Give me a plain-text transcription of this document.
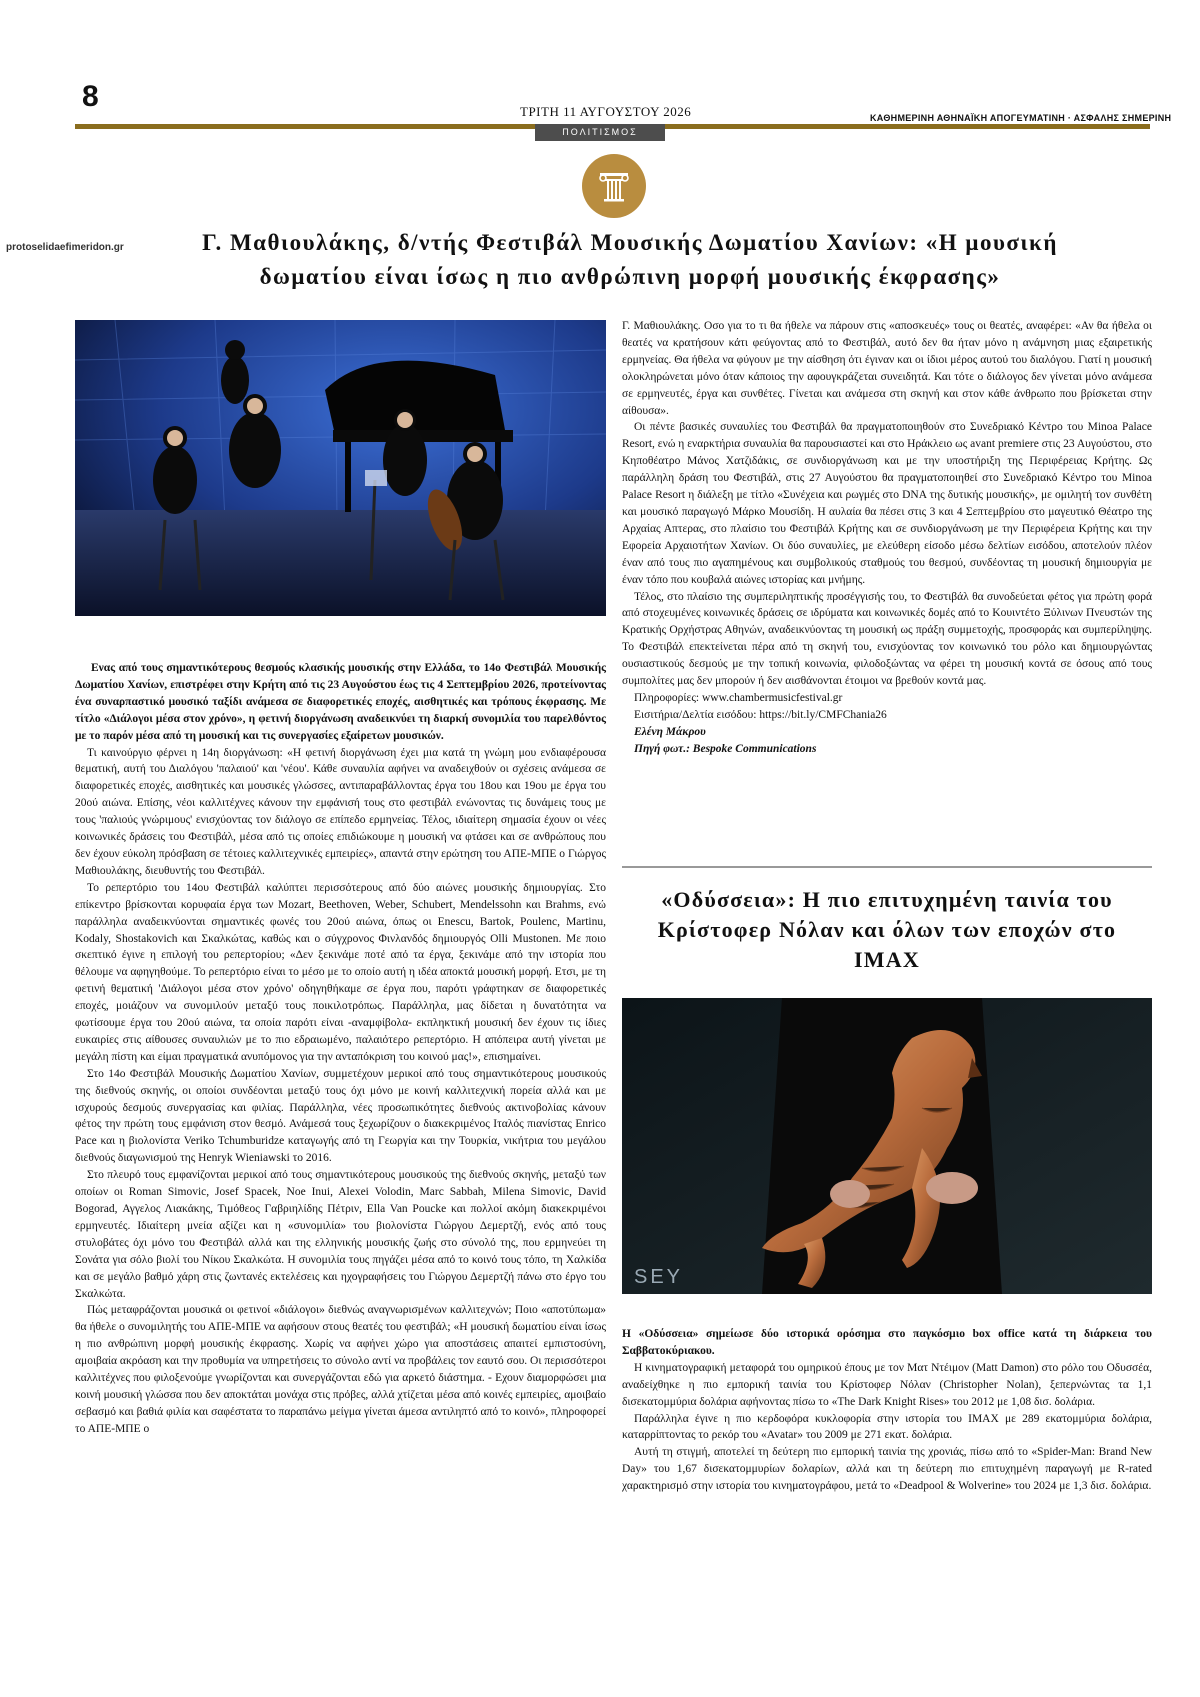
8	ΤΡΙΤΗ 11 ΑΥΓΟΥΣΤΟΥ 2026	ΚΑΘΗΜΕΡΙΝΗ ΑΘΗΝΑΪΚΗ ΑΠΟΓΕΥΜΑΤΙΝΗ · ΑΣΦΑΛΗΣ ΣΗΜΕΡΙΝΗ
ΠΟΛΙΤΙΣΜΟΣ
protoselidaefimeridon.gr	Γ. Μαθιουλάκης, δ/ντής Φεστιβάλ Μουσικής Δωματίου Χανίων: «Η μουσική
δωματίου είναι ίσως η πιο ανθρώπινη μορφή μουσικής έκφρασης»

Ενας από τους σημαντικότερους θεσμούς κλασικής μουσικής στην Ελλάδα, το 14ο Φεστιβάλ Μουσικής Δωματίου Χανίων, επιστρέφει στην Κρήτη από τις 23 Αυγούστου έως τις 4 Σεπτεμβρίου 2026, προτείνοντας ένα συναρπαστικό μουσικό ταξίδι ανάμεσα σε διαφορετικές εποχές, αισθητικές και τρόπους έκφρασης. Με τίτλο «Διάλογοι μέσα στον χρόνο», η φετινή διοργάνωση αναδεικνύει τη διαρκή συνομιλία του παρελθόντος με το παρόν μέσα από τη μουσική και τις συνεργασίες εξαίρετων μουσικών.

Τι καινούργιο φέρνει η 14η διοργάνωση: «Η φετινή διοργάνωση έχει μια κατά τη γνώμη μου ενδιαφέρουσα θεματική, αυτή του Διαλόγου 'παλαιού' και 'νέου'. Κάθε συναυλία αφήνει να αναδειχθούν οι σχέσεις ανάμεσα σε διαφορετικές εποχές, αισθητικές και μουσικές γλώσσες, αντιπαραβάλλοντας έργα του 18ου και 19ου με έργα του 20ού αιώνα. Επίσης, νέοι καλλιτέχνες κάνουν την εμφάνισή τους στο φεστιβάλ ενώνοντας τις δυνάμεις τους με τους 'παλιούς γνώριμους' ενισχύοντας τον διάλογο σε επίπεδο ερμηνείας. Τέλος, ιδιαίτερη σημασία έχουν οι νέες κοινωνικές δράσεις του Φεστιβάλ, μέσα από τις οποίες επιδιώκουμε η μουσική να φτάσει και σε ανθρώπους που δεν έχουν εύκολη πρόσβαση σε τέτοιες καλλιτεχνικές εμπειρίες», απαντά στην ερώτηση του ΑΠΕ-ΜΠΕ ο Γιώργος Μαθιουλάκης, διευθυντής του Φεστιβάλ.

Το ρεπερτόριο του 14ου Φεστιβάλ καλύπτει περισσότερους από δύο αιώνες μουσικής δημιουργίας. Στο επίκεντρο βρίσκονται κορυφαία έργα των Mozart, Beethoven, Weber, Schubert, Mendelssohn και Brahms, ενώ παράλληλα αναδεικνύονται σημαντικές φωνές του 20ού αιώνα, όπως οι Enescu, Bartok, Poulenc, Martinu, Kodaly, Shostakovich και Σκαλκώτας, καθώς και ο σύγχρονος Φινλανδός δημιουργός Olli Mustonen. Με ποιο σκεπτικό έγινε η επιλογή του ρεπερτορίου; «Δεν ξεκινάμε ποτέ από τα έργα, ξεκινάμε από την ιστορία που θέλουμε να αφηγηθούμε. Το ρεπερτόριο είναι το μέσο με το οποίο αυτή η ιδέα αποκτά μουσική μορφή. Ετσι, με τη φετινή θεματική 'Διάλογοι μέσα στον χρόνο' οδηγηθήκαμε σε έργα που, παρότι γράφτηκαν σε διαφορετικές εποχές, μοιάζουν να συνομιλούν μεταξύ τους ποικιλοτρόπως. Παράλληλα, μας δίδεται η δυνατότητα να φωτίσουμε έργα του 20ού αιώνα, τα οποία παρότι είναι -αναμφίβολα- εκπληκτική μουσική δεν έχουν τις ίδιες ευκαιρίες στις αίθουσες συναυλιών με το πιο εδραιωμένο, παλαιότερο ρεπερτόριο. Η απόπειρα αυτή γίνεται με μεγάλη πίστη και είμαι πραγματικά ανυπόμονος για την ανταπόκριση του κοινού μας!», επισημαίνει.

Στο 14ο Φεστιβάλ Μουσικής Δωματίου Χανίων, συμμετέχουν μερικοί από τους σημαντικότερους μουσικούς της διεθνούς σκηνής, οι οποίοι συνδέονται μεταξύ τους όχι μόνο με κοινή καλλιτεχνική πορεία αλλά και με ισχυρούς δεσμούς συνεργασίας και φιλίας. Παράλληλα, νέες προσωπικότητες διεθνούς ακτινοβολίας κάνουν φέτος την πρώτη τους εμφάνιση στον θεσμό. Ανάμεσά τους ξεχωρίζουν ο διακεκριμένος Ιταλός πιανίστας Enrico Pace και η βιολονίστα Veriko Tchumburidze καταγωγής από τη Γεωργία και την Τουρκία, νικήτρια του μεγάλου διεθνούς διαγωνισμού της Henryk Wieniawski το 2016.

Στο πλευρό τους εμφανίζονται μερικοί από τους σημαντικότερους μουσικούς της διεθνούς σκηνής, μεταξύ των οποίων οι Roman Simovic, Josef Spacek, Noe Inui, Alexei Volodin, Marc Sabbah, Milena Simovic, David Bogorad, Αγγελος Λιακάκης, Τιμόθεος Γαβριηλίδης Πέτριν, Ella Van Poucke και πολλοί ακόμη διακεκριμένοι ερμηνευτές. Ιδιαίτερη μνεία αξίζει και η «συνομιλία» του βιολονίστα Γιώργου Δεμερτζή, ενός από τους στυλοβάτες όχι μόνο του Φεστιβάλ αλλά και της ελληνικής μουσικής ζωής στο σύνολό της, που ερμηνεύει τη Σονάτα για σόλο βιολί του Νίκου Σκαλκώτα. Η συνομιλία τους πηγάζει μέσα από το κοινό τους τόπο, τη Χαλκίδα και σε μεγάλο βαθμό χάρη στις ζωντανές εκτελέσεις και ηχογραφήσεις του Γιώργου Δεμερτζή πάνω στο έργο του Σκαλκώτα.

Πώς μεταφράζονται μουσικά οι φετινοί «διάλογοι» διεθνώς αναγνωρισμένων καλλιτεχνών; Ποιο «αποτύπωμα» θα ήθελε ο συνομιλητής του ΑΠΕ-ΜΠΕ να αφήσουν στους θεατές του φεστιβάλ; «Η μουσική δωματίου είναι ίσως η πιο ανθρώπινη μορφή μουσικής έκφρασης. Χωρίς να αφήνει χώρο για αποστάσεις απαιτεί εμπιστοσύνη, αμοιβαία ακρόαση και την προθυμία να υπηρετήσεις το σύνολο αντί να προβάλεις τον εαυτό σου. Οι περισσότεροι καλλιτέχνες που φιλοξενούμε γνωρίζονται και συνεργάζονται εδώ για αρκετό διάστημα. - Εχουν διαμορφώσει μια κοινή μουσική γλώσσα που δεν αποκτάται μονάχα στις πρόβες, αλλά χτίζεται μέσα από κοινές εμπειρίες, αμοιβαίο σεβασμό και βαθιά φιλία και σαφέστατα το παραπάνω μείγμα γίνεται άμεσα αντιληπτό από το κοινό», πληροφορεί το ΑΠΕ-ΜΠΕ ο

Γ. Μαθιουλάκης. Οσο για το τι θα ήθελε να πάρουν στις «αποσκευές» τους οι θεατές, αναφέρει: «Αν θα ήθελα οι θεατές να κρατήσουν κάτι φεύγοντας από το Φεστιβάλ, αυτό δεν θα ήταν μόνο η ανάμνηση μιας εξαιρετικής ερμηνείας. Θα ήθελα να φύγουν με την αίσθηση ότι έγιναν και οι ίδιοι μέρος αυτού του διαλόγου. Γιατί η μουσική ολοκληρώνεται μόνο όταν κάποιος την αφουγκράζεται συνειδητά. Και τότε ο διάλογος δεν γίνεται μόνο ανάμεσα σε ερμηνευτές, έργα και συνθέτες. Γίνεται και ανάμεσα στη σκηνή και στον κάθε άνθρωπο που βρίσκεται στην αίθουσα».

Οι πέντε βασικές συναυλίες του Φεστιβάλ θα πραγματοποιηθούν στο Συνεδριακό Κέντρο του Minoa Palace Resort, ενώ η εναρκτήρια συναυλία θα παρουσιαστεί και στο Ηράκλειο ως avant premiere στις 23 Αυγούστου, στο Κηποθέατρο Μάνος Χατζιδάκις, σε συνδιοργάνωση και με την υποστήριξη της Περιφέρειας Κρήτης. Ως παράλληλη δράση του Φεστιβάλ, στις 27 Αυγούστου θα πραγματοποιηθεί στο Συνεδριακό Κέντρο του Minoa Palace Resort η διάλεξη με τίτλο «Συνέχεια και ρωγμές στο DNA της δυτικής μουσικής», με ομιλητή τον συνθέτη και μουσικό παραγωγό Μάρκο Μουσίδη. Η αυλαία θα πέσει στις 3 και 4 Σεπτεμβρίου στο μαγευτικό Θέατρο της Αρχαίας Απτερας, στο πλαίσιο του Φεστιβάλ Κρήτης και σε συνδιοργάνωση με την Περιφέρεια Κρήτης και την Εφορεία Αρχαιοτήτων Χανίων. Οι δύο συναυλίες, με ελεύθερη είσοδο μέσω δελτίων εισόδου, αποτελούν πλέον έναν από τους πιο αγαπημένους και συμβολικούς σταθμούς του θεσμού, συνδέοντας τη μουσική δημιουργία με έναν τόπο που κουβαλά αιώνες ιστορίας και μνήμης.

Τέλος, στο πλαίσιο της συμπεριληπτικής προσέγγισής του, το Φεστιβάλ θα συνοδεύεται φέτος για πρώτη φορά από στοχευμένες κοινωνικές δράσεις σε ιδρύματα και κοινωνικές δομές από το Κουιντέτο Ξύλινων Πνευστών της Κρατικής Ορχήστρας Αθηνών, αναδεικνύοντας τη μουσική ως πράξη συμμετοχής, προσφοράς και συμπερίληψης. Το Φεστιβάλ επεκτείνεται πέρα από τη σκηνή του, ενισχύοντας τον κοινωνικό του ρόλο και δημιουργώντας ουσιαστικούς δεσμούς με την τοπική κοινωνία, φιλοδοξώντας να φέρει τη μουσική κοντά σε όσους από τους συμπολίτες μας δεν μπορούν ή δεν αισθάνονται έτοιμοι να βρεθούν κοντά μας.

Πληροφορίες: www.chambermusicfestival.gr

Εισιτήρια/Δελτία εισόδου: https://bit.ly/CMFChania26

Ελένη Μάκρου

Πηγή φωτ.: Bespoke Communications

«Οδύσσεια»: Η πιο επιτυχημένη ταινία του Κρίστοφερ Νόλαν και όλων των εποχών στο IMAX
SEY

Η «Οδύσσεια» σημείωσε δύο ιστορικά ορόσημα στο παγκόσμιο box office κατά τη διάρκεια του Σαββατοκύριακου.

Η κινηματογραφική μεταφορά του ομηρικού έπους με τον Ματ Ντέιμον (Matt Damon) στο ρόλο του Οδυσσέα, αναδείχθηκε η πιο εμπορική ταινία του Κρίστοφερ Νόλαν (Christopher Nolan), ξεπερνώντας τα 1,1 δισεκατομμύρια δολάρια αφήνοντας πίσω το «The Dark Knight Rises» του 2012 με 1,08 δισ. δολάρια.

Παράλληλα έγινε η πιο κερδοφόρα κυκλοφορία στην ιστορία του IMAX με 289 εκατομμύρια δολάρια, καταρρίπτοντας το ρεκόρ του «Avatar» του 2009 με 271 εκατ. δολάρια.

Αυτή τη στιγμή, αποτελεί τη δεύτερη πιο εμπορική ταινία της χρονιάς, πίσω από το «Spider-Man: Brand New Day» του 1,67 δισεκατομμυρίων δολαρίων, αλλά και τη δεύτερη πιο επιτυχημένη παραγωγή με R-rated χαρακτηρισμό στην ιστορία του κινηματογράφου, μετά το «Deadpool & Wolverine» του 2024 με 1,3 δισ. δολάρια.
